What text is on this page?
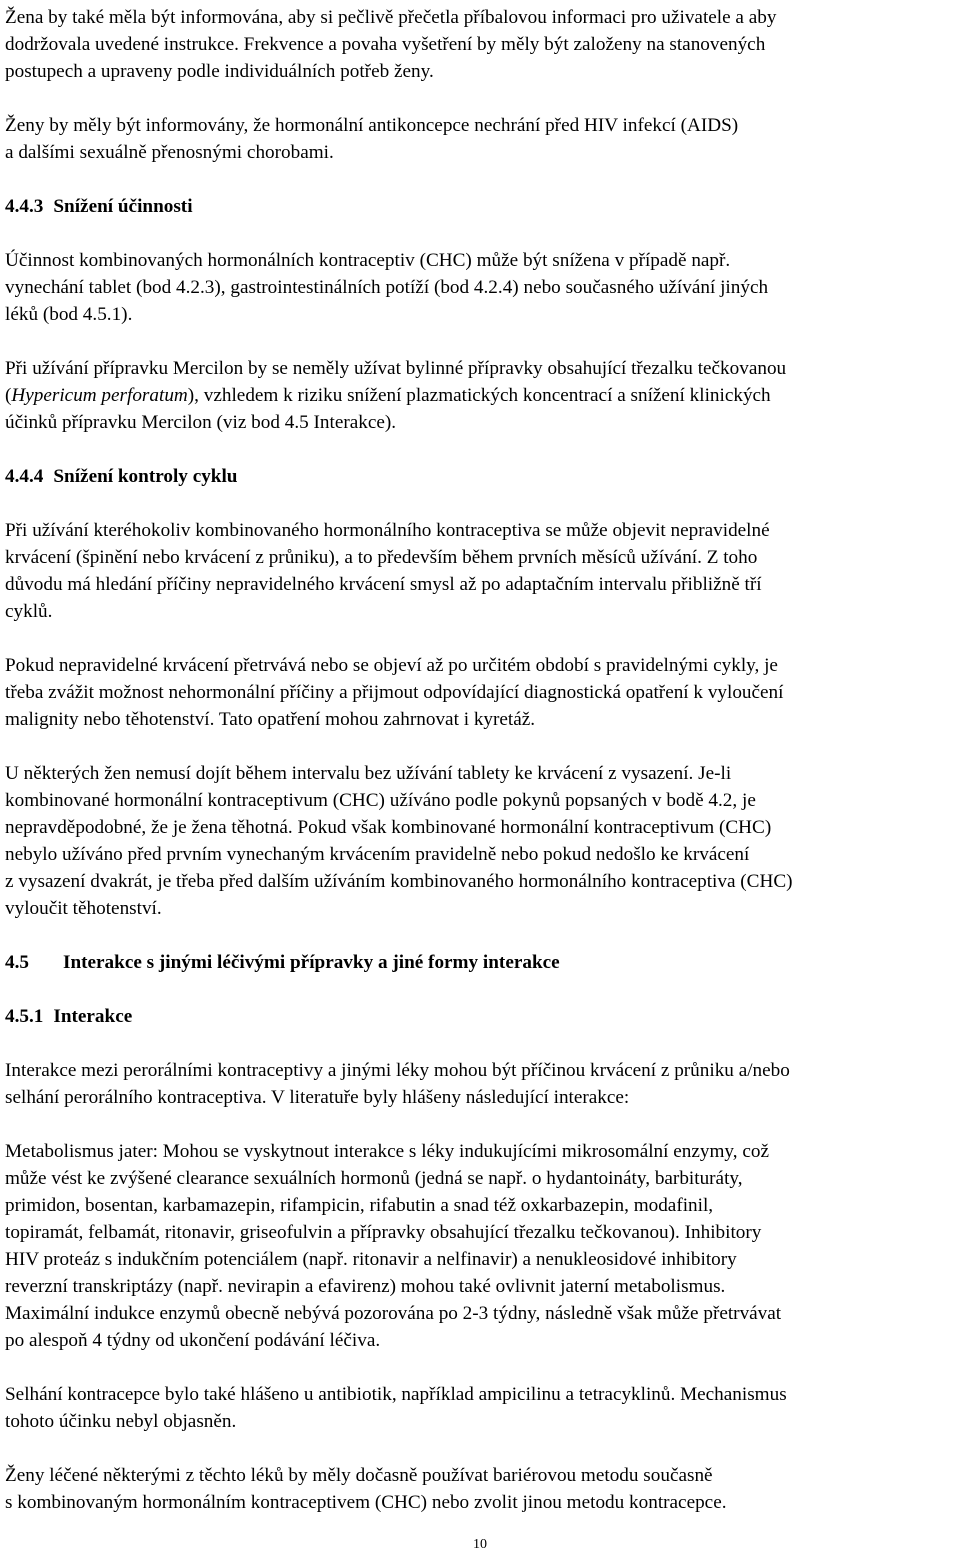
Žena by také měla být informována, aby si pečlivě přečetla příbalovou informaci pro uživatele a aby
dodržovala uvedené instrukce. Frekvence a povaha vyšetření by měly být založeny na stanovených
postupech a upraveny podle individuálních potřeb ženy.

Ženy by měly být informovány, že hormonální antikoncepce nechrání před HIV infekcí (AIDS)
a dalšími sexuálně přenosnými chorobami.

4.4.3 Snížení účinnosti

Účinnost kombinovaných hormonálních kontraceptiv (CHC) může být snížena v případě např.
vynechání tablet (bod 4.2.3), gastrointestinálních potíží (bod 4.2.4) nebo současného užívání jiných
léků (bod 4.5.1).

Při užívání přípravku Mercilon by se neměly užívat bylinné přípravky obsahující třezalku tečkovanou
(Hypericum perforatum), vzhledem k riziku snížení plazmatických koncentrací a snížení klinických
účinků přípravku Mercilon (viz bod 4.5 Interakce).

4.4.4 Snížení kontroly cyklu

Při užívání kteréhokoliv kombinovaného hormonálního kontraceptiva se může objevit nepravidelné
krvácení (špinění nebo krvácení z průniku), a to především během prvních měsíců užívání. Z toho
důvodu má hledání příčiny nepravidelného krvácení smysl až po adaptačním intervalu přibližně tří
cyklů.

Pokud nepravidelné krvácení přetrvává nebo se objeví až po určitém období s pravidelnými cykly, je
třeba zvážit možnost nehormonální příčiny a přijmout odpovídající diagnostická opatření k vyloučení
malignity nebo těhotenství. Tato opatření mohou zahrnovat i kyretáž.

U některých žen nemusí dojít během intervalu bez užívání tablety ke krvácení z vysazení. Je-li
kombinované hormonální kontraceptivum (CHC) užíváno podle pokynů popsaných v bodě 4.2, je
nepravděpodobné, že je žena těhotná. Pokud však kombinované hormonální kontraceptivum (CHC)
nebylo užíváno před prvním vynechaným krvácením pravidelně nebo pokud nedošlo ke krvácení
z vysazení dvakrát, je třeba před dalším užíváním kombinovaného hormonálního kontraceptiva (CHC)
vyloučit těhotenství.

4.5 Interakce s jinými léčivými přípravky a jiné formy interakce
4.5.1 Interakce

Interakce mezi perorálními kontraceptivy a jinými léky mohou být příčinou krvácení z průniku a/nebo
selhání perorálního kontraceptiva. V literatuře byly hlášeny následující interakce:

Metabolismus jater: Mohou se vyskytnout interakce s léky indukujícími mikrosomální enzymy, což
může vést ke zvýšené clearance sexuálních hormonů (jedná se např. o hydantoináty, barbituráty,
primidon, bosentan, karbamazepin, rifampicin, rifabutin a snad též oxkarbazepin, modafinil,
topiramát, felbamát, ritonavir, griseofulvin a přípravky obsahující třezalku tečkovanou). Inhibitory
HIV proteáz s indukčním potenciálem (např. ritonavir a nelfinavir) a nenukleosidové inhibitory
reverzní transkriptázy (např. nevirapin a efavirenz) mohou také ovlivnit jaterní metabolismus.
Maximální indukce enzymů obecně nebývá pozorována po 2-3 týdny, následně však může přetrvávat
po alespoň 4 týdny od ukončení podávání léčiva.

Selhání kontracepce bylo také hlášeno u antibiotik, například ampicilinu a tetracyklinů. Mechanismus
tohoto účinku nebyl objasněn.

Ženy léčené některými z těchto léků by měly dočasně používat bariérovou metodu současně
s kombinovaným hormonálním kontraceptivem (CHC) nebo zvolit jinou metodu kontracepce.

10
